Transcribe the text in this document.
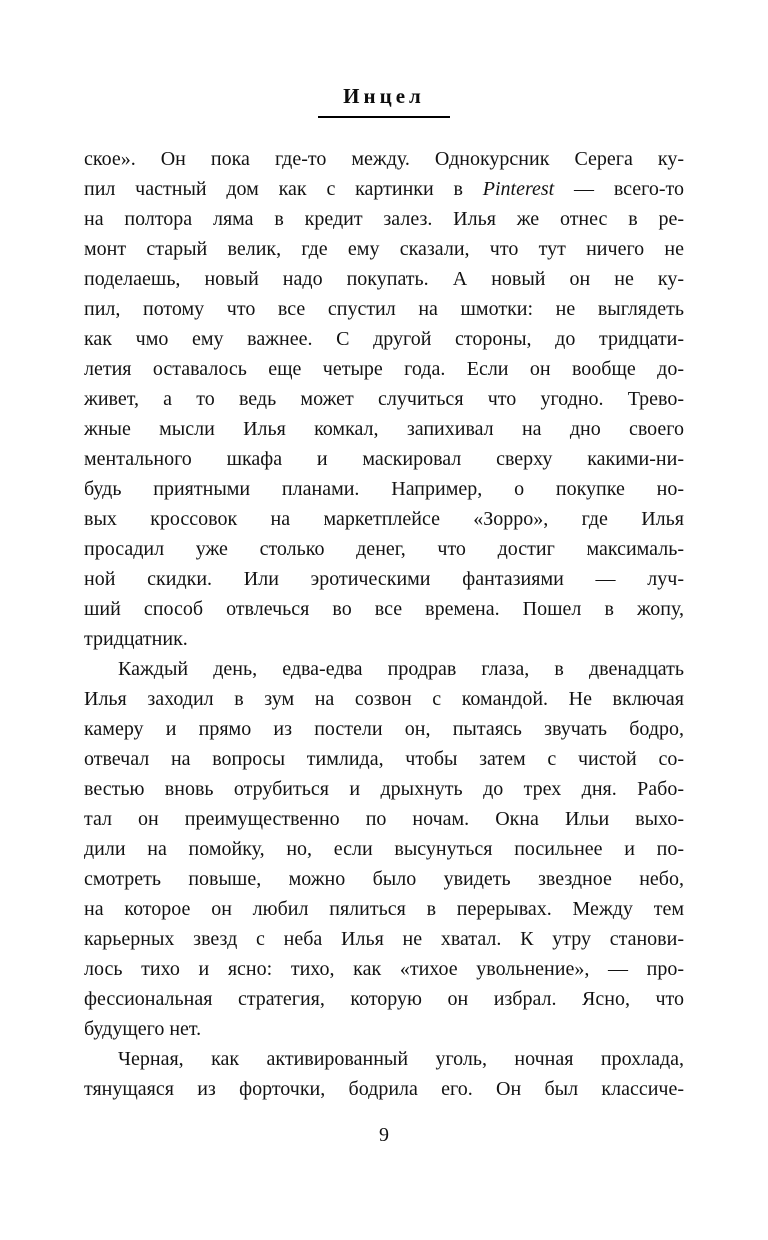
Инцел
ское». Он пока где-то между. Однокурсник Серега ку-
пил частный дом как с картинки в Pinterest — всего-то
на полтора ляма в кредит залез. Илья же отнес в ре-
монт старый велик, где ему сказали, что тут ничего не
поделаешь, новый надо покупать. А новый он не ку-
пил, потому что все спустил на шмотки: не выглядеть
как чмо ему важнее. С другой стороны, до тридцати-
летия оставалось еще четыре года. Если он вообще до-
живет, а то ведь может случиться что угодно. Трево-
жные мысли Илья комкал, запихивал на дно своего
ментального шкафа и маскировал сверху какими-ни-
будь приятными планами. Например, о покупке но-
вых кроссовок на маркетплейсе «Зорро», где Илья
просадил уже столько денег, что достиг максималь-
ной скидки. Или эротическими фантазиями — луч-
ший способ отвлечься во все времена. Пошел в жопу,
тридцатник.
Каждый день, едва-едва продрав глаза, в двенадцать
Илья заходил в зум на созвон с командой. Не включая
камеру и прямо из постели он, пытаясь звучать бодро,
отвечал на вопросы тимлида, чтобы затем с чистой со-
вестью вновь отрубиться и дрыхнуть до трех дня. Рабо-
тал он преимущественно по ночам. Окна Ильи выхо-
дили на помойку, но, если высунуться посильнее и по-
смотреть повыше, можно было увидеть звездное небо,
на которое он любил пялиться в перерывах. Между тем
карьерных звезд с неба Илья не хватал. К утру станови-
лось тихо и ясно: тихо, как «тихое увольнение», — про-
фессиональная стратегия, которую он избрал. Ясно, что
будущего нет.
Черная, как активированный уголь, ночная прохлада,
тянущаяся из форточки, бодрила его. Он был классиче-
9
